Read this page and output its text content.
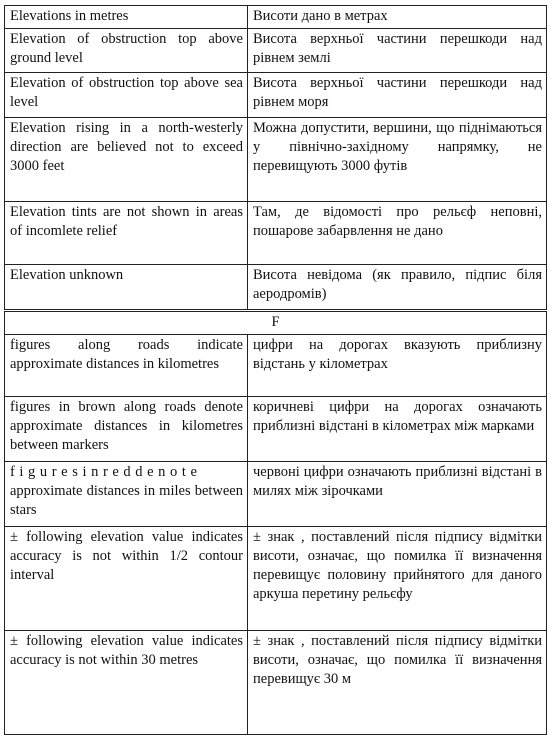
Elevations in metres	Висоти дано в метрах
Elevation of obstruction top above ground level	Висота верхньої частини перешкоди над рівнем землі
Elevation of obstruction top above sea level	Висота верхньої частини перешкоди над рівнем моря
Elevation rising in a north-westerly direction are believed not to exceed 3000 feet	Можна допустити, вершини, що піднімаються у північно-західному напрямку, не перевищують 3000 футів
Elevation tints are not shown in areas of incomlete relief	Там, де відомості про рельєф неповні, пошарове забарвлення не дано
Elevation unknown	Висота невідома (як правило, підпис біля аеродромів)
F	
figures along roads indicate approximate distances in kilometres	цифри на дорогах вказують приблизну відстань у кілометрах
figures in brown along roads denote approximate distances in kilometres between markers	коричневі цифри на дорогах означають приблизні відстані в кілометрах між марками
figuresinreddenote approximate distances in miles between stars	червоні цифри означають приблизні відстані в милях між зірочками
± following elevation value indicates accuracy is not within 1/2 contour interval	± знак , поставлений після підпису відмітки висоти, означає, що помилка її визначення перевищує половину прийнятого для даного аркуша перетину рельєфу
± following elevation value indicates accuracy is not within 30 metres	± знак , поставлений після підпису відмітки висоти, означає, що помилка її визначення перевищує 30 м
